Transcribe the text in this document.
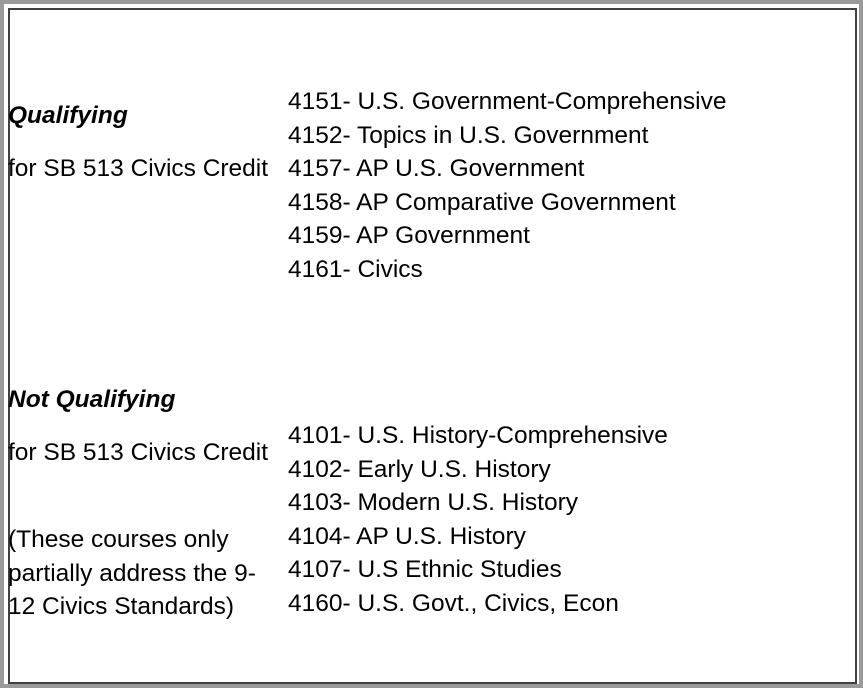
Qualifying
for SB 513 Civics Credit
4151- U.S. Government-Comprehensive
4152- Topics in U.S. Government
4157- AP U.S. Government
4158- AP Comparative Government
4159- AP Government
4161- Civics
Not Qualifying
for SB 513 Civics Credit
(These courses only partially address the 9-12 Civics Standards)
4101- U.S. History-Comprehensive
4102- Early U.S. History
4103- Modern U.S. History
4104- AP U.S. History
4107- U.S Ethnic Studies
4160- U.S. Govt., Civics, Econ
